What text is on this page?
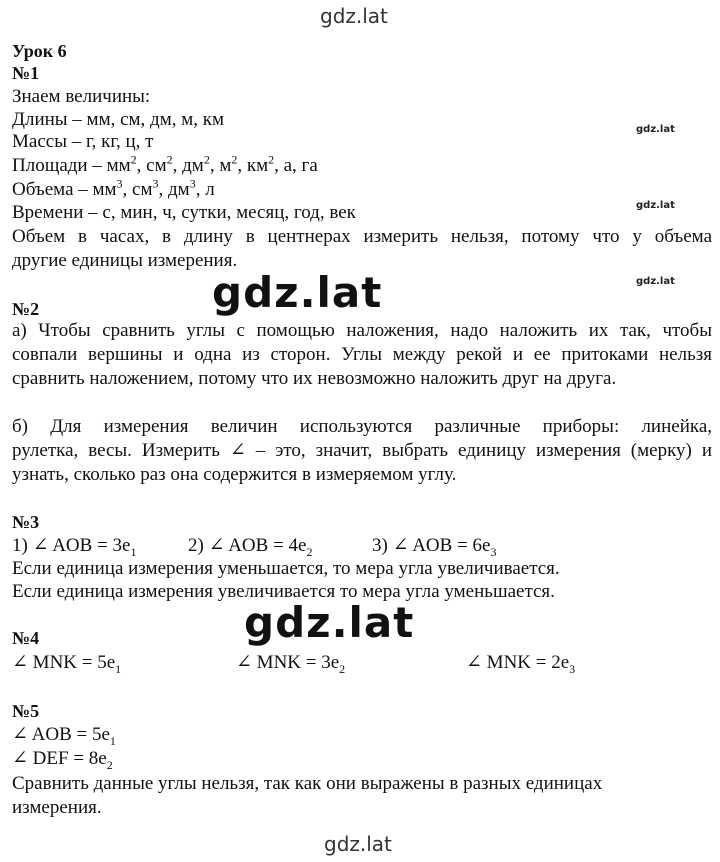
gdz.lat
gdz.lat
gdz.lat
gdz.lat
gdz.lat
gdz.lat
gdz.lat
Урок 6
№1
Знаем величины:
Длины – мм, см, дм, м, км
Массы – г, кг, ц, т
Площади – $мм^2$, $см^2$, $дм^2$, $м^2$, $км^2$, а, га
Объема – $мм^3$, $см^3$, $дм^3$, л
Времени – с, мин, ч, сутки, месяц, год, век
Объем в часах, в длину в центнерах измерить нельзя, потому что у объема
другие единицы измерения.
№2
а) Чтобы сравнить углы с помощью наложения, надо наложить их так, чтобы
совпали вершины и одна из сторон. Углы между рекой и ее притоками нельзя
сравнить наложением, потому что их невозможно наложить друг на друга.
б) Для измерения величин используются различные приборы: линейка,
рулетка, весы. Измерить ∠ – это, значит, выбрать единицу измерения (мерку) и
узнать, сколько раз она содержится в измеряемом углу.
№3
1) ∠ AOB = $3e_1$	2) ∠ AOB = $4e_2$	3) ∠ AOB = $6e_3$
Если единица измерения уменьшается, то мера угла увеличивается.
Если единица измерения увеличивается то мера угла уменьшается.
№4
∠ MNK = $5e_1$	∠ MNK = $3e_2$	∠ MNK = $2e_3$
№5
∠ AOB = $5e_1$
∠ DEF = $8e_2$
Сравнить данные углы нельзя, так как они выражены в разных единицах
измерения.
